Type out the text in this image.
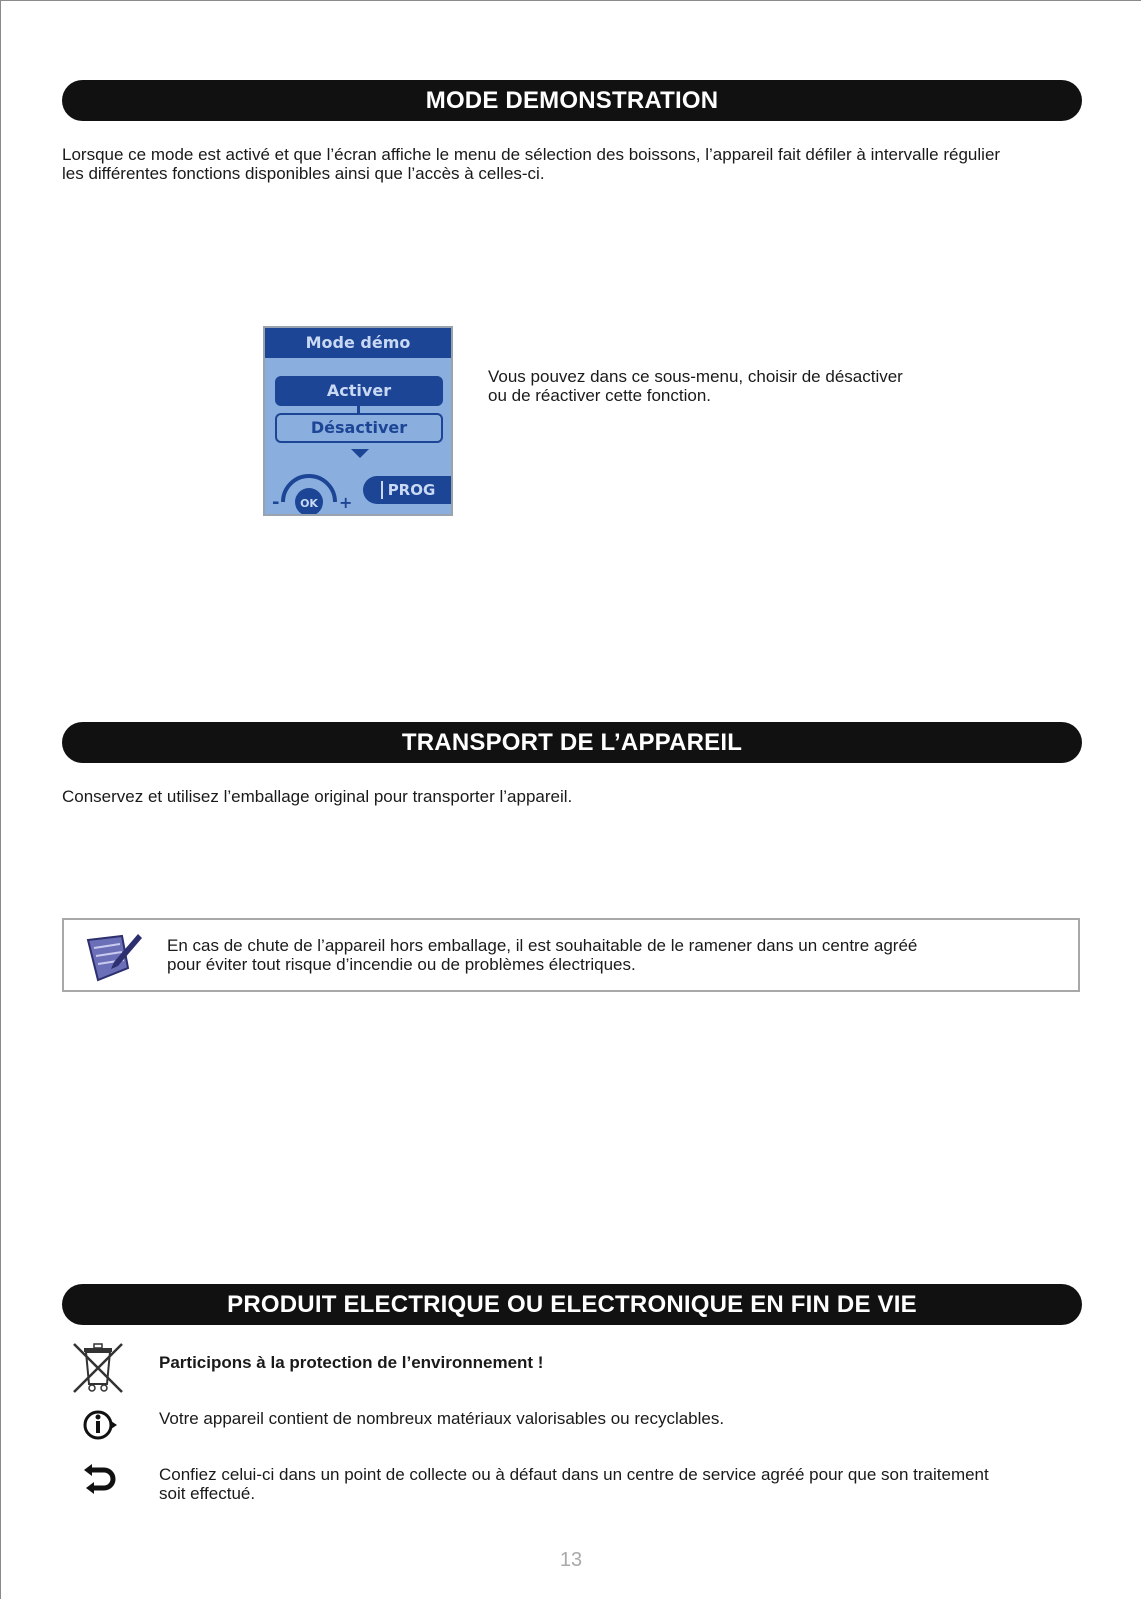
MODE DEMONSTRATION
Lorsque ce mode est activé et que l’écran affiche le menu de sélection des boissons, l’appareil fait défiler à intervalle régulier
les différentes fonctions disponibles ainsi que l’accès à celles-ci.
Mode démo
Activer
Désactiver
OK
-	+
PROG
Vous pouvez dans ce sous-menu, choisir de désactiver
ou de réactiver cette fonction.
TRANSPORT DE L’APPAREIL
Conservez et utilisez l’emballage original pour transporter l’appareil.
En cas de chute de l’appareil hors emballage, il est souhaitable de le ramener dans un centre agréé
pour éviter tout risque d’incendie ou de problèmes électriques.
PRODUIT ELECTRIQUE OU ELECTRONIQUE EN FIN DE VIE
Participons à la protection de l’environnement !
Votre appareil contient de nombreux matériaux valorisables ou recyclables.
Confiez celui-ci dans un point de collecte ou à défaut dans un centre de service agréé pour que son traitement
soit effectué.
13
